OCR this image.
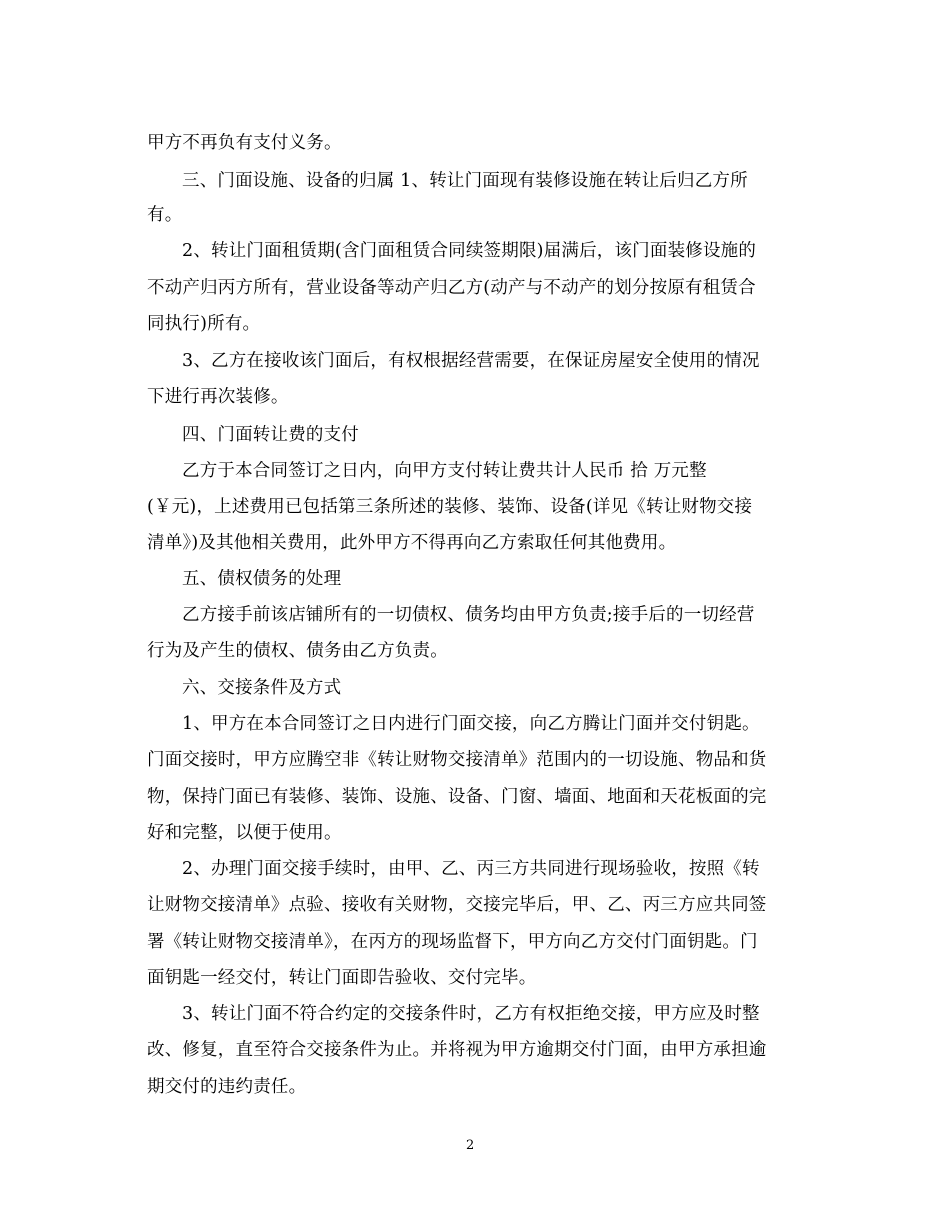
甲方不再负有支付义务。
三、门面设施、设备的归属 1、转让门面现有装修设施在转让后归乙方所
有。
2、转让门面租赁期(含门面租赁合同续签期限)届满后，该门面装修设施的
不动产归丙方所有，营业设备等动产归乙方(动产与不动产的划分按原有租赁合
同执行)所有。
3、乙方在接收该门面后，有权根据经营需要，在保证房屋安全使用的情况
下进行再次装修。
四、门面转让费的支付
乙方于本合同签订之日内，向甲方支付转让费共计人民币 拾 万元整
(￥元)，上述费用已包括第三条所述的装修、装饰、设备(详见《转让财物交接
清单》)及其他相关费用，此外甲方不得再向乙方索取任何其他费用。
五、债权债务的处理
乙方接手前该店铺所有的一切债权、债务均由甲方负责;接手后的一切经营
行为及产生的债权、债务由乙方负责。
六、交接条件及方式
1、甲方在本合同签订之日内进行门面交接，向乙方腾让门面并交付钥匙。
门面交接时，甲方应腾空非《转让财物交接清单》范围内的一切设施、物品和货
物，保持门面已有装修、装饰、设施、设备、门窗、墙面、地面和天花板面的完
好和完整，以便于使用。
2、办理门面交接手续时，由甲、乙、丙三方共同进行现场验收，按照《转
让财物交接清单》点验、接收有关财物，交接完毕后，甲、乙、丙三方应共同签
署《转让财物交接清单》，在丙方的现场监督下，甲方向乙方交付门面钥匙。门
面钥匙一经交付，转让门面即告验收、交付完毕。
3、转让门面不符合约定的交接条件时，乙方有权拒绝交接，甲方应及时整
改、修复，直至符合交接条件为止。并将视为甲方逾期交付门面，由甲方承担逾
期交付的违约责任。
2
